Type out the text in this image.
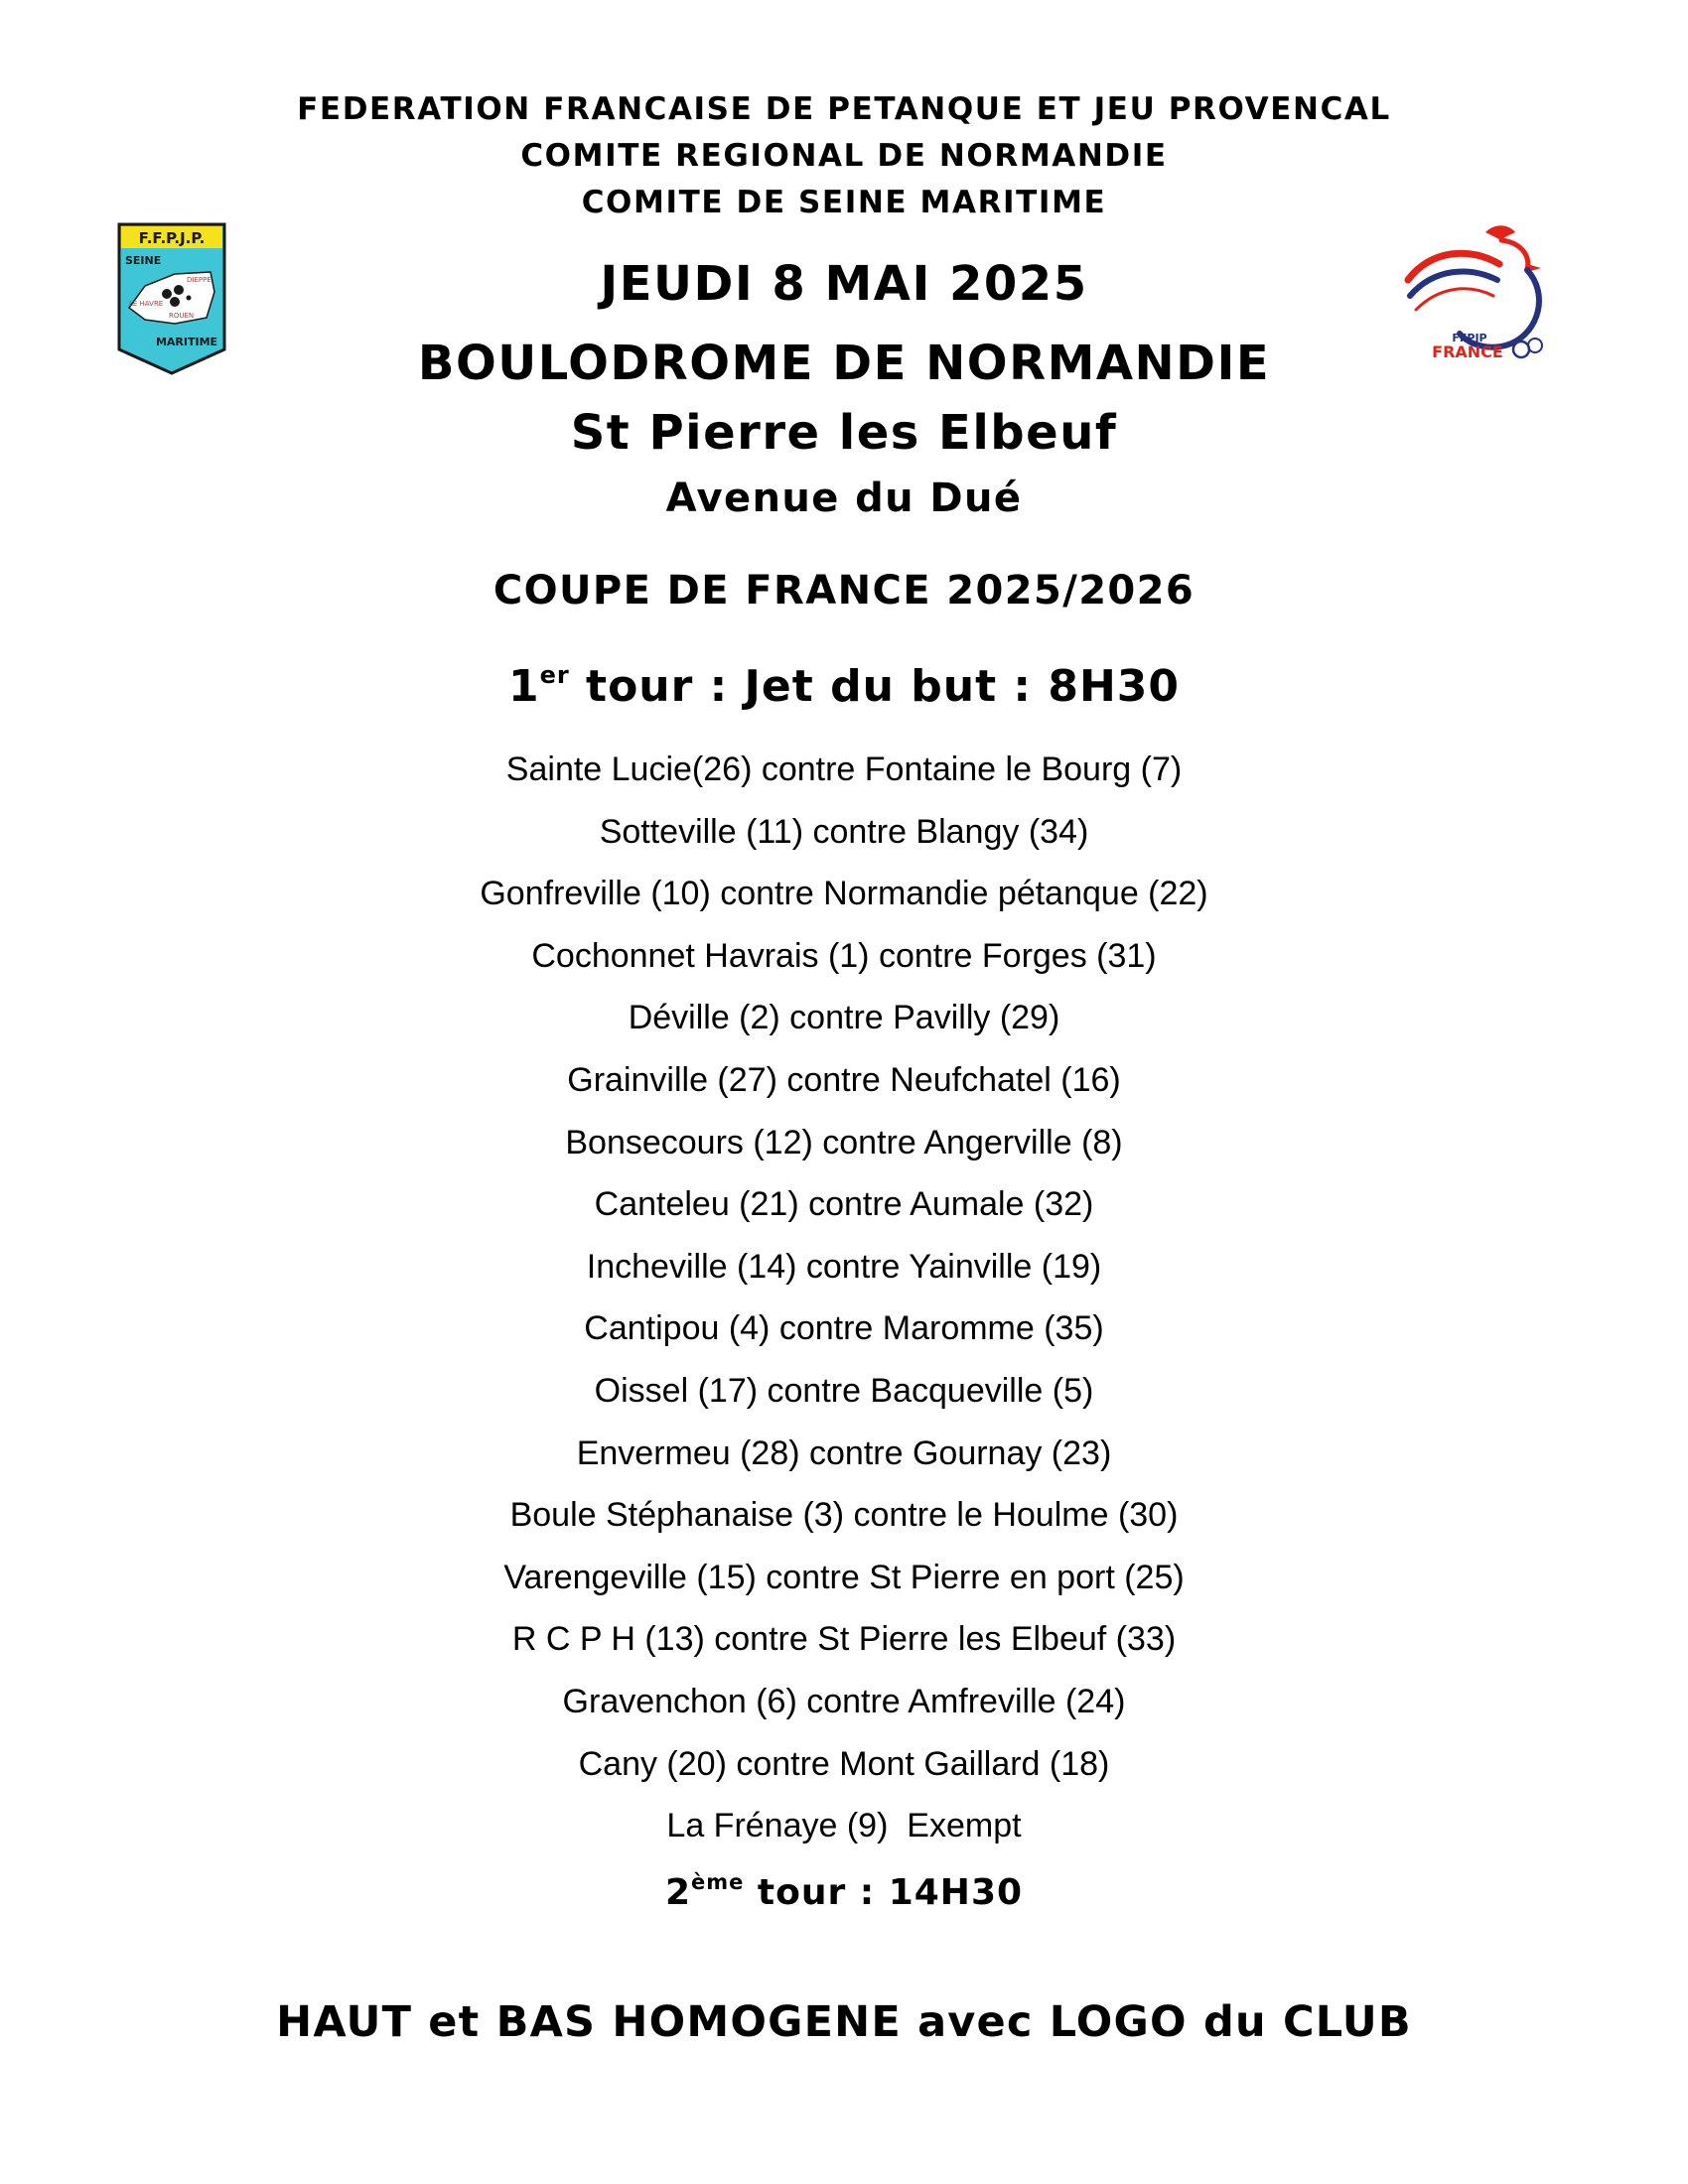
F.F.P.J.P.
SEINE
DIEPPE
LE HAVRE
ROUEN
MARITIME	FFPJP
FRANCE
FEDERATION FRANCAISE DE PETANQUE ET JEU PROVENCAL
COMITE REGIONAL DE NORMANDIE
COMITE DE SEINE MARITIME
JEUDI 8 MAI 2025
BOULODROME DE NORMANDIE
St Pierre les Elbeuf
Avenue du Dué
COUPE DE FRANCE 2025/2026
1er tour : Jet du but : 8H30
Sainte Lucie(26) contre Fontaine le Bourg (7)
Sotteville (11) contre Blangy (34)
Gonfreville (10) contre Normandie pétanque (22)
Cochonnet Havrais (1) contre Forges (31)
Déville (2) contre Pavilly (29)
Grainville (27) contre Neufchatel (16)
Bonsecours (12) contre Angerville (8)
Canteleu (21) contre Aumale (32)
Incheville (14) contre Yainville (19)
Cantipou (4) contre Maromme (35)
Oissel (17) contre Bacqueville (5)
Envermeu (28) contre Gournay (23)
Boule Stéphanaise (3) contre le Houlme (30)
Varengeville (15) contre St Pierre en port (25)
R C P H (13) contre St Pierre les Elbeuf (33)
Gravenchon (6) contre Amfreville (24)
Cany (20) contre Mont Gaillard (18)
La Frénaye (9)  Exempt
2ème tour : 14H30
HAUT et BAS HOMOGENE avec LOGO du CLUB
